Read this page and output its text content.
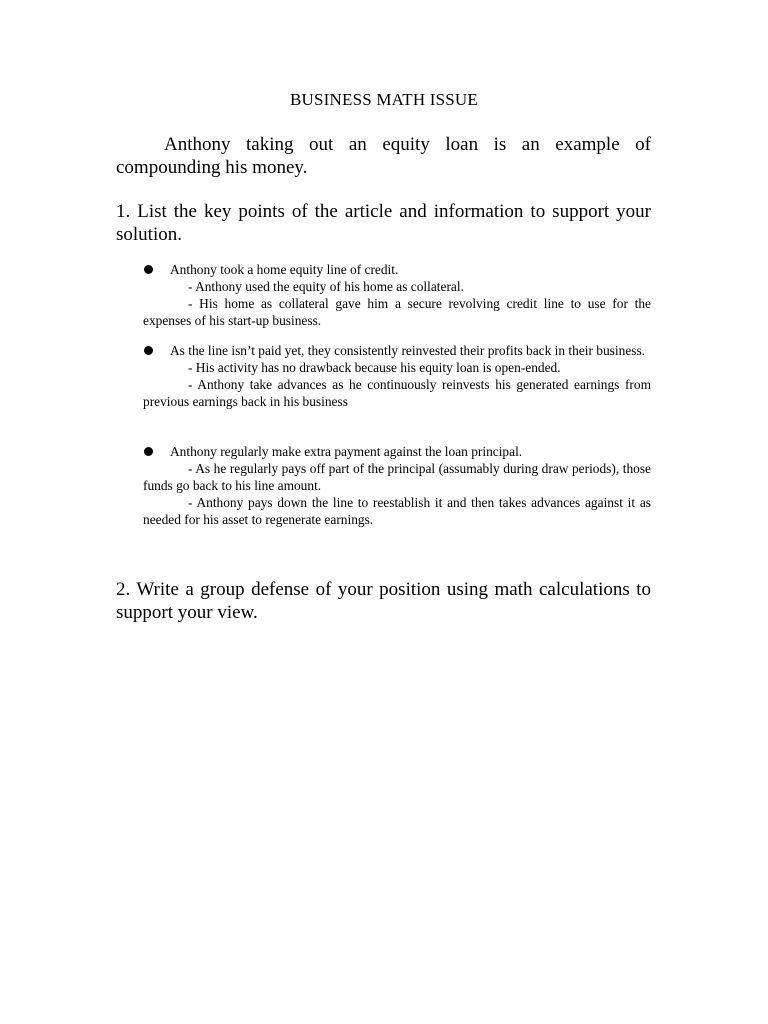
BUSINESS MATH ISSUE
Anthony taking out an equity loan is an example of compounding his money.
1. List the key points of the article and information to support your solution.

Anthony took a home equity line of credit.

- Anthony used the equity of his home as collateral.

- His home as collateral gave him a secure revolving credit line to use for the expenses of his start-up business.

As the line isn’t paid yet, they consistently reinvested their profits back in their business.

- His activity has no drawback because his equity loan is open-ended.

- Anthony take advances as he continuously reinvests his generated earnings from previous earnings back in his business

Anthony regularly make extra payment against the loan principal.

- As he regularly pays off part of the principal (assumably during draw periods), those funds go back to his line amount.

- Anthony pays down the line to reestablish it and then takes advances against it as needed for his asset to regenerate earnings.

2. Write a group defense of your position using math calculations to support your view.
